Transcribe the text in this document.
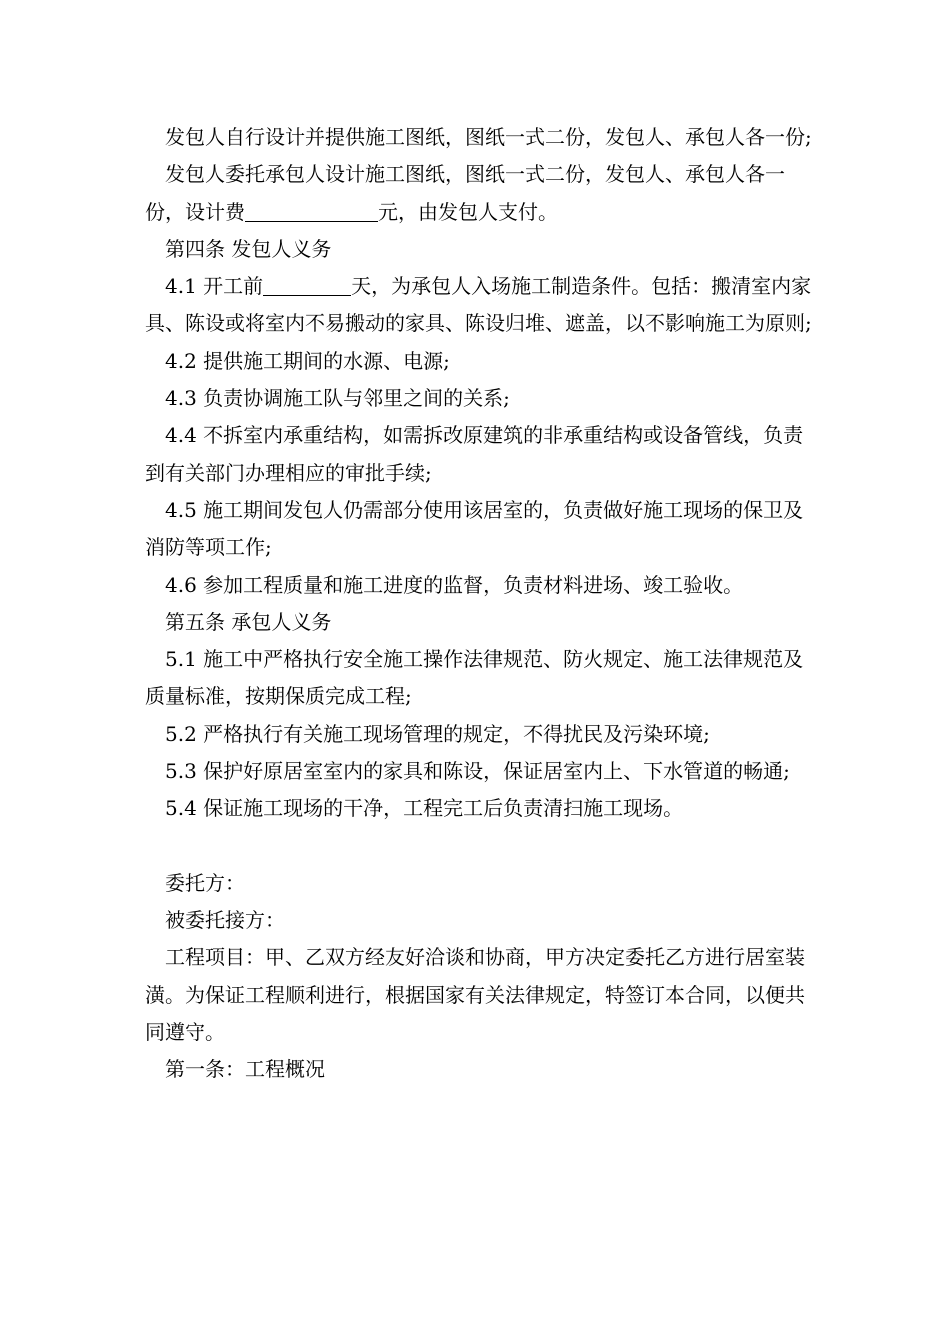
发包人自行设计并提供施工图纸，图纸一式二份，发包人、承包人各一份;

发包人委托承包人设计施工图纸，图纸一式二份，发包人、承包人各一份，设计费	元，由发包人支付。

第四条 发包人义务

4.1 开工前	天，为承包人入场施工制造条件。包括：搬清室内家具、陈设或将室内不易搬动的家具、陈设归堆、遮盖，以不影响施工为原则;

4.2 提供施工期间的水源、电源;

4.3 负责协调施工队与邻里之间的关系;

4.4 不拆室内承重结构，如需拆改原建筑的非承重结构或设备管线，负责到有关部门办理相应的审批手续;

4.5 施工期间发包人仍需部分使用该居室的，负责做好施工现场的保卫及消防等项工作;

4.6 参加工程质量和施工进度的监督，负责材料进场、竣工验收。

第五条 承包人义务

5.1 施工中严格执行安全施工操作法律规范、防火规定、施工法律规范及质量标准，按期保质完成工程;

5.2 严格执行有关施工现场管理的规定，不得扰民及污染环境;

5.3 保护好原居室室内的家具和陈设，保证居室内上、下水管道的畅通;

5.4 保证施工现场的干净，工程完工后负责清扫施工现场。

委托方：

被委托接方：

工程项目：甲、乙双方经友好洽谈和协商，甲方决定委托乙方进行居室装潢。为保证工程顺利进行，根据国家有关法律规定，特签订本合同，以便共同遵守。

第一条：工程概况
